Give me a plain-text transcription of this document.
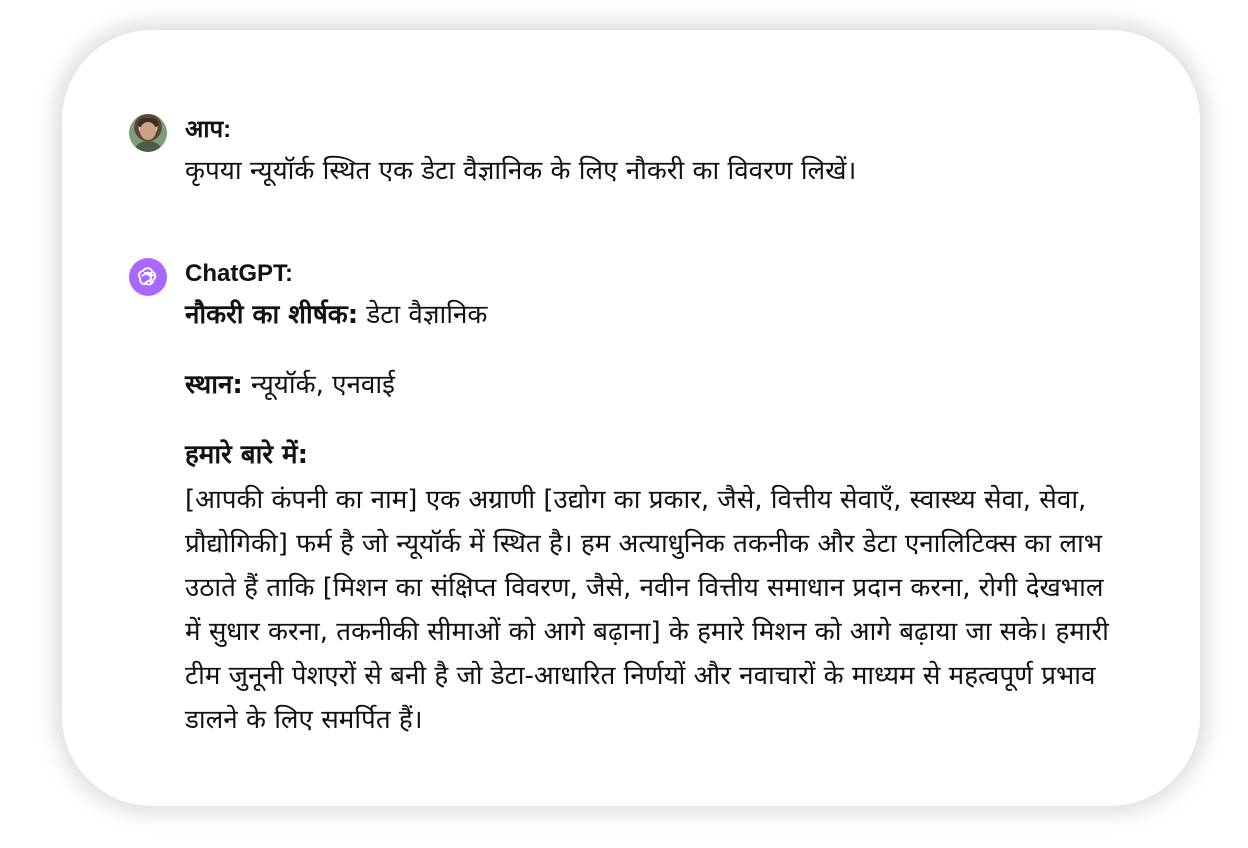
आप:
कृपया न्यूयॉर्क स्थित एक डेटा वैज्ञानिक के लिए नौकरी का विवरण लिखें।
ChatGPT:
नौकरी का शीर्षक: डेटा वैज्ञानिक
स्थान: न्यूयॉर्क, एनवाई
हमारे बारे में:
[आपकी कंपनी का नाम] एक अग्राणी [उद्योग का प्रकार, जैसे, वित्तीय सेवाएँ, स्वास्थ्य सेवा, सेवा, प्रौद्योगिकी] फर्म है जो न्यूयॉर्क में स्थित है। हम अत्याधुनिक तकनीक और डेटा एनालिटिक्स का लाभ उठाते हैं ताकि [मिशन का संक्षिप्त विवरण, जैसे, नवीन वित्तीय समाधान प्रदान करना, रोगी देखभाल में सुधार करना, तकनीकी सीमाओं को आगे बढ़ाना] के हमारे मिशन को आगे बढ़ाया जा सके। हमारी टीम जुनूनी पेशएरों से बनी है जो डेटा-आधारित निर्णयों और नवाचारों के माध्यम से महत्वपूर्ण प्रभाव डालने के लिए समर्पित हैं।
